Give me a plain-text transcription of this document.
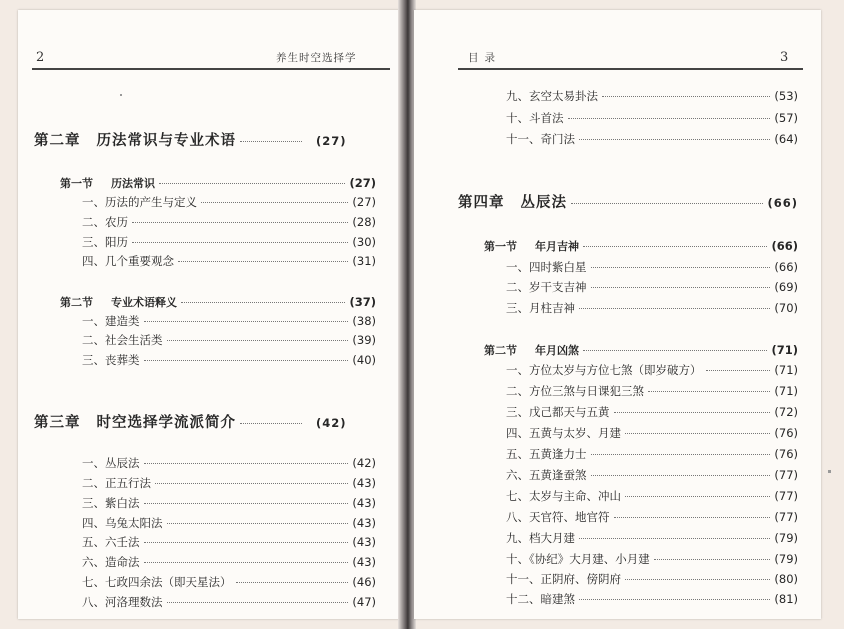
2	养生时空选择学
第二章 历法常识与专业术语	(27)
第一节 历法常识	(27)
一、历法的产生与定义	(27)
二、农历	(28)
三、阳历	(30)
四、几个重要观念	(31)
第二节 专业术语释义	(37)
一、建造类	(38)
二、社会生活类	(39)
三、丧葬类	(40)
第三章 时空选择学流派简介	(42)
一、丛辰法	(42)
二、正五行法	(43)
三、紫白法	(43)
四、乌兔太阳法	(43)
五、六壬法	(43)
六、造命法	(43)
七、七政四余法（即天星法）	(46)
八、河洛理数法	(47)
目录	3
九、玄空太易卦法	(53)
十、斗首法	(57)
十一、奇门法	(64)
第四章 丛辰法	(66)
第一节 年月吉神	(66)
一、四时紫白星	(66)
二、岁干支吉神	(69)
三、月柱吉神	(70)
第二节 年月凶煞	(71)
一、方位太岁与方位七煞（即岁破方）	(71)
二、方位三煞与日课犯三煞	(71)
三、戊己都天与五黄	(72)
四、五黄与太岁、月建	(76)
五、五黄逢力士	(76)
六、五黄逢蚕煞	(77)
七、太岁与主命、冲山	(77)
八、天官符、地官符	(77)
九、档大月建	(79)
十、《协纪》大月建、小月建	(79)
十一、正阴府、傍阴府	(80)
十二、暗建煞	(81)
